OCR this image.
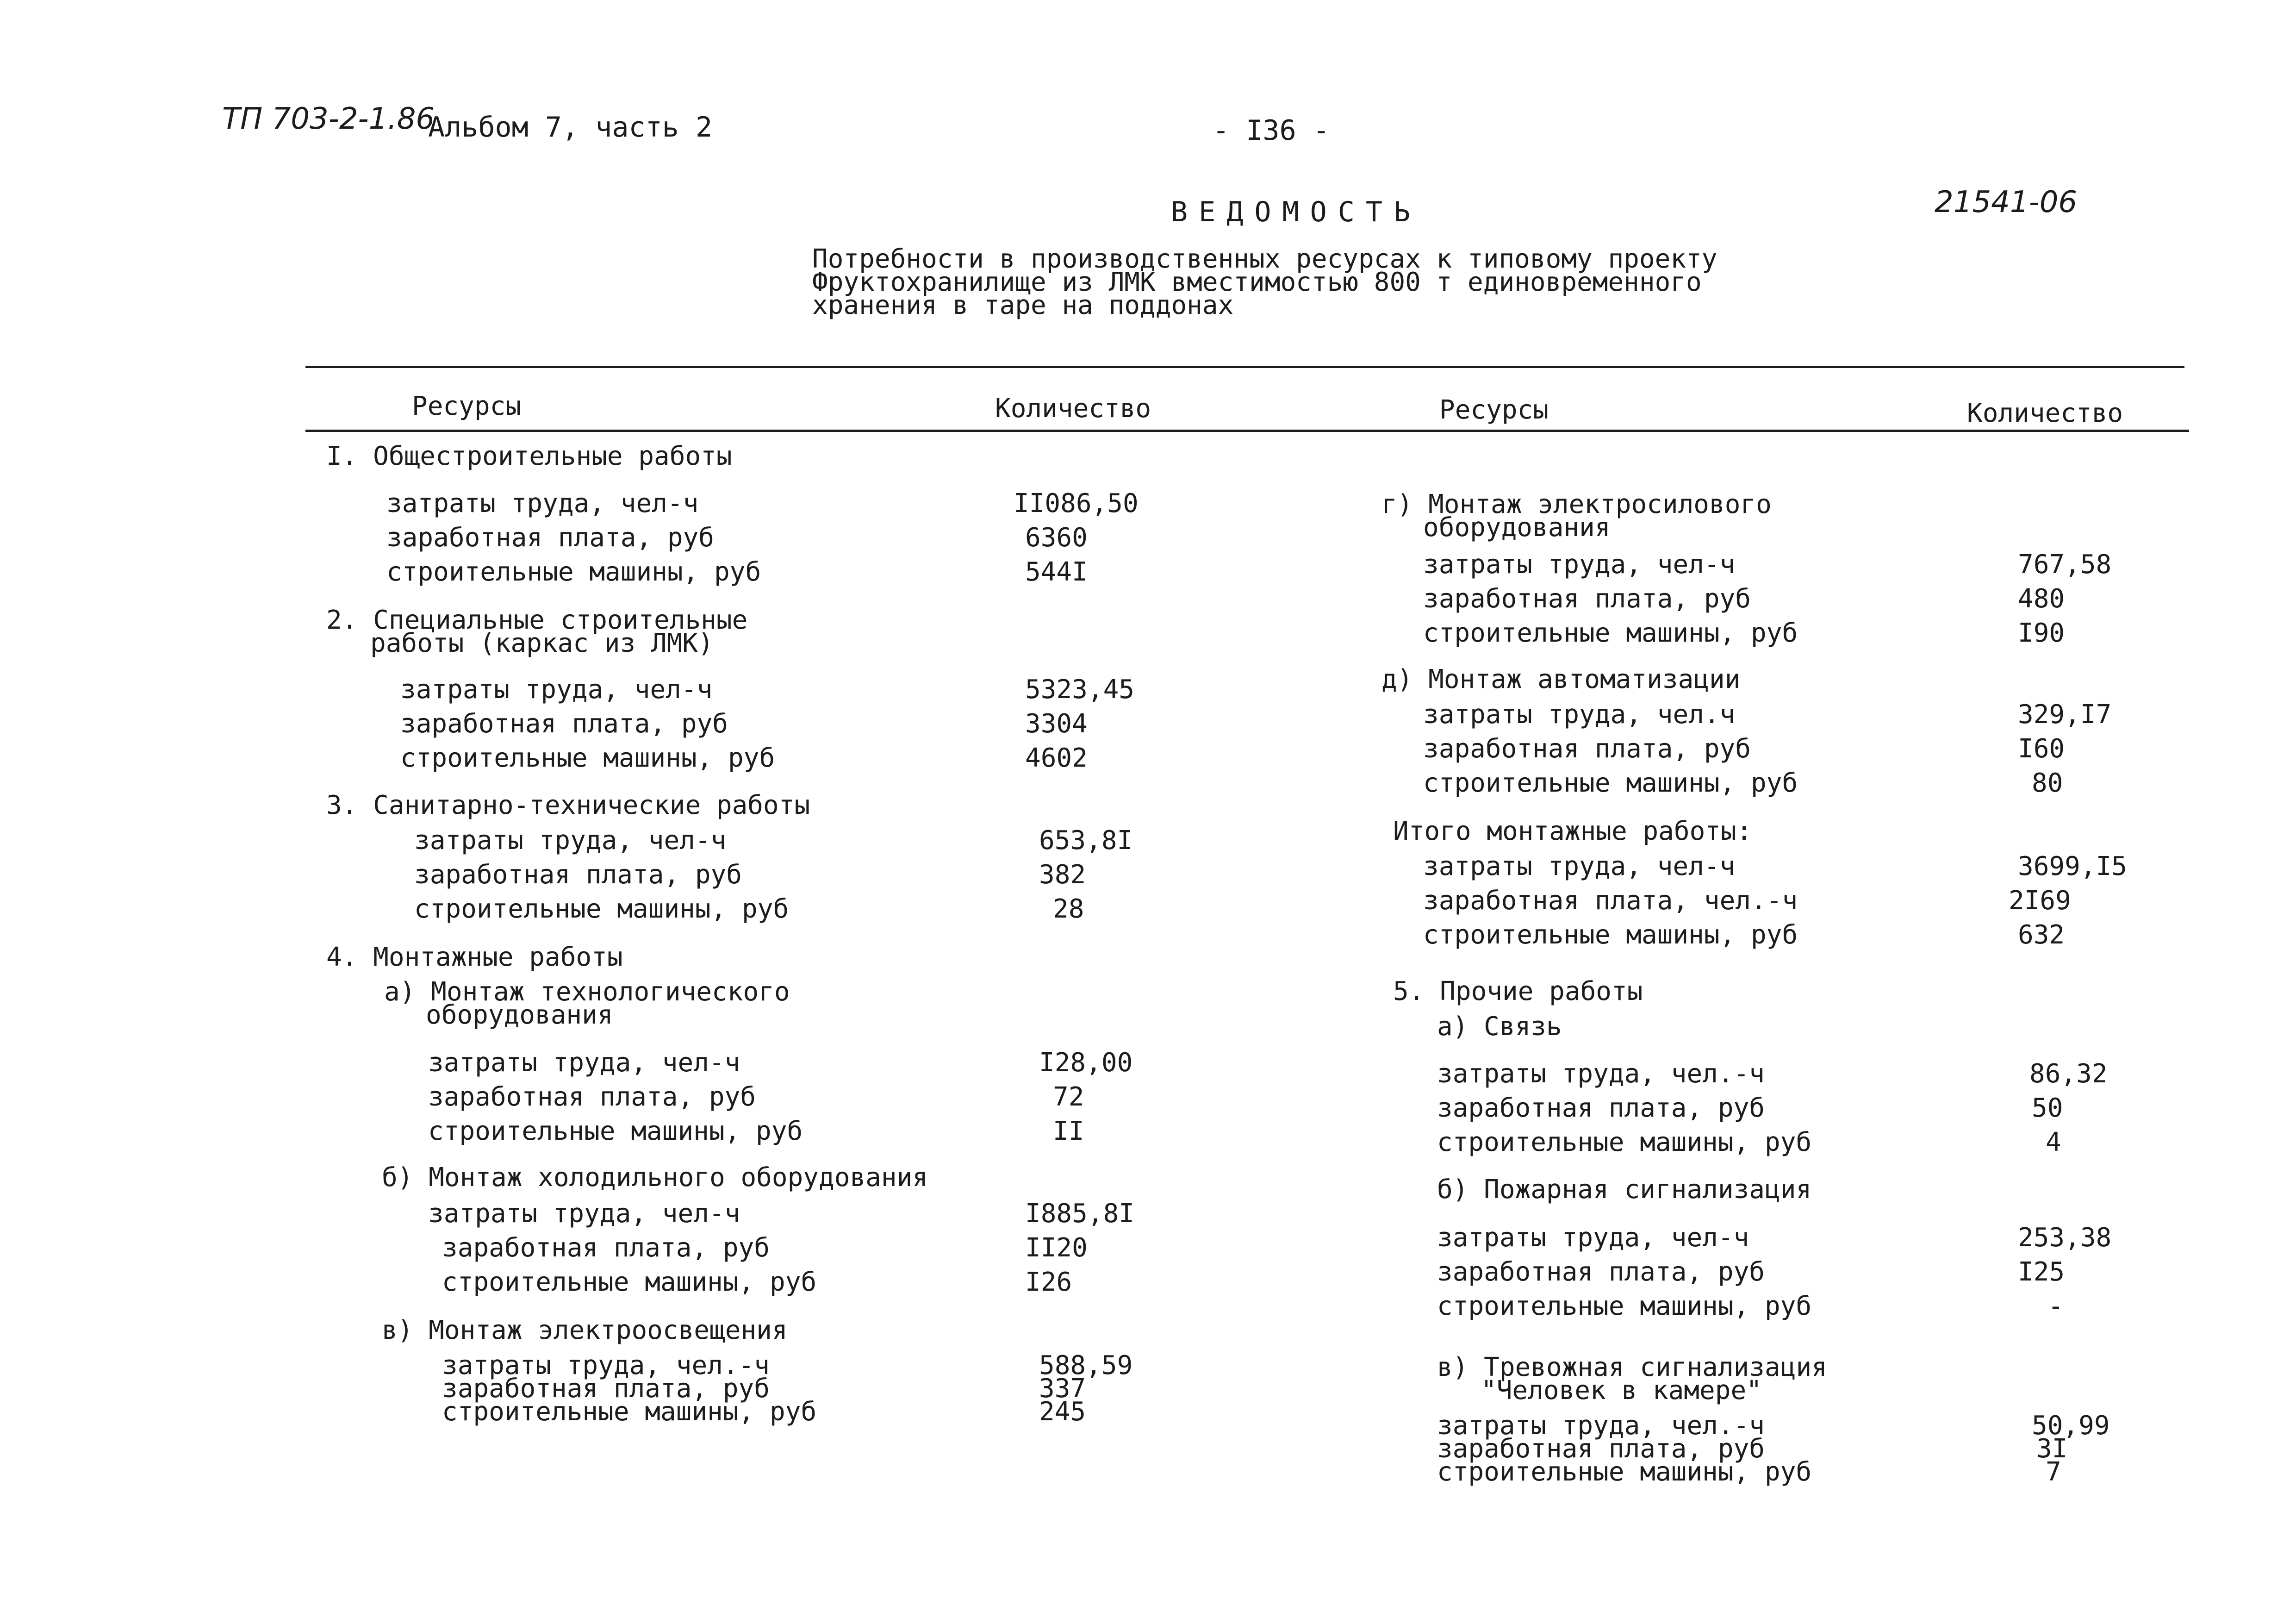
ТП 703-2-1.86
Альбом 7, часть 2	- I36 -
21541-06
ВЕДОМОСТЬ
Потребности в производственных ресурсах к типовому проекту
Фруктохранилище из ЛМК вместимостью 800 т единовременного
хранения в таре на поддонах
Ресурсы	Количество	Ресурсы	Количество
I. Общестроительные работы
затраты труда, чел-ч	II086,50
заработная плата, руб	6360
строительные машины, руб	544I
2. Специальные строительные
работы (каркас из ЛМК)
затраты труда, чел-ч	5323,45
заработная плата, руб	3304
строительные машины, руб	4602
3. Санитарно-технические работы
затраты труда, чел-ч	653,8I
заработная плата, руб	382
строительные машины, руб	28
4. Монтажные работы
а) Монтаж технологического
оборудования
затраты труда, чел-ч	I28,00
заработная плата, руб	72
строительные машины, руб	II
б) Монтаж холодильного оборудования
затраты труда, чел-ч	I885,8I
заработная плата, руб	II20
строительные машины, руб	I26
в) Монтаж электроосвещения
затраты труда, чел.-ч	588,59
заработная плата, руб	337
строительные машины, руб	245
г) Монтаж электросилового
оборудования
затраты труда, чел-ч	767,58
заработная плата, руб	480
строительные машины, руб	I90
д) Монтаж автоматизации
затраты труда, чел.ч	329,I7
заработная плата, руб	I60
строительные машины, руб	80
Итого монтажные работы:
затраты труда, чел-ч	3699,I5
заработная плата, чел.-ч	2I69
строительные машины, руб	632
5. Прочие работы
а) Связь
затраты труда, чел.-ч	86,32
заработная плата, руб	50
строительные машины, руб	4
б) Пожарная сигнализация
затраты труда, чел-ч	253,38
заработная плата, руб	I25
строительные машины, руб	-
в) Тревожная сигнализация
"Человек в камере"
затраты труда, чел.-ч	50,99
заработная плата, руб	3I
строительные машины, руб	7
